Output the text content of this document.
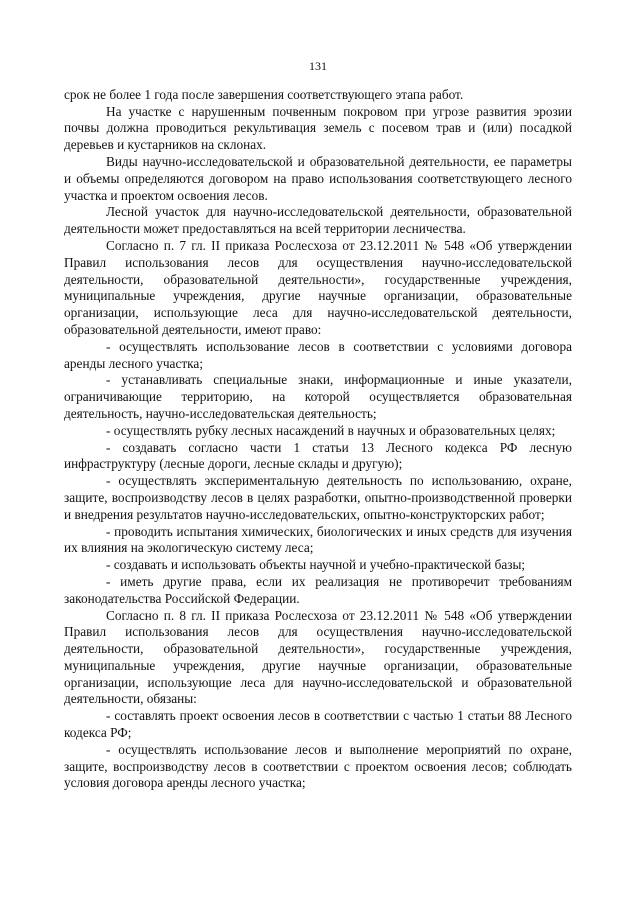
131

срок не более 1 года после завершения соответствующего этапа работ.

На участке с нарушенным почвенным покровом при угрозе развития эрозии почвы должна проводиться рекультивация земель с посевом трав и (или) посадкой деревьев и кустарников на склонах.

Виды научно-исследовательской и образовательной деятельности, ее параметры и объемы определяются договором на право использования соответствующего лесного участка и проектом освоения лесов.

Лесной участок для научно-исследовательской деятельности, образовательной деятельности может предоставляться на всей территории лесничества.

Согласно п. 7 гл. II приказа Рослесхоза от 23.12.2011 № 548 «Об утверждении Правил использования лесов для осуществления научно-исследовательской деятельности, образовательной деятельности», государственные учреждения, муниципальные учреждения, другие научные организации, образовательные организации, использующие леса для научно-исследовательской деятельности, образовательной деятельности, имеют право:

- осуществлять использование лесов в соответствии с условиями договора аренды лесного участка;

- устанавливать специальные знаки, информационные и иные указатели, ограничивающие территорию, на которой осуществляется образовательная деятельность, научно-исследовательская деятельность;

- осуществлять рубку лесных насаждений в научных и образовательных целях;

- создавать согласно части 1 статьи 13 Лесного кодекса РФ лесную инфраструктуру (лесные дороги, лесные склады и другую);

- осуществлять экспериментальную деятельность по использованию, охране, защите, воспроизводству лесов в целях разработки, опытно-производственной проверки и внедрения результатов научно-исследовательских, опытно-конструкторских работ;

- проводить испытания химических, биологических и иных средств для изучения их влияния на экологическую систему леса;

- создавать и использовать объекты научной и учебно-практической базы;

- иметь другие права, если их реализация не противоречит требованиям законодательства Российской Федерации.

Согласно п. 8 гл. II приказа Рослесхоза от 23.12.2011 № 548 «Об утверждении Правил использования лесов для осуществления научно-исследовательской деятельности, образовательной деятельности», государственные учреждения, муниципальные учреждения, другие научные организации, образовательные организации, использующие леса для научно-исследовательской и образовательной деятельности, обязаны:

- составлять проект освоения лесов в соответствии с частью 1 статьи 88 Лесного кодекса РФ;

- осуществлять использование лесов и выполнение мероприятий по охране, защите, воспроизводству лесов в соответствии с проектом освоения лесов; соблюдать условия договора аренды лесного участка;
